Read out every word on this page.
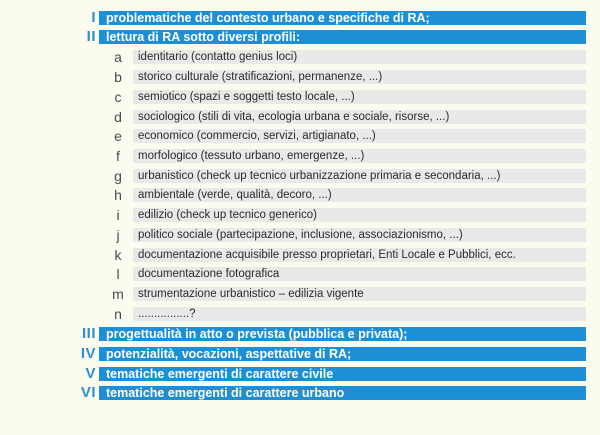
I problematiche del contesto urbano e specifiche di RA;
II lettura di RA sotto diversi profili:
a	identitario (contatto genius loci)
b	storico culturale (stratificazioni, permanenze, ...)
c	semiotico (spazi e soggetti testo locale, ...)
d	sociologico (stili di vita, ecologia urbana e sociale, risorse, ...)
e	economico (commercio, servizi, artigianato, ...)
f	morfologico (tessuto urbano, emergenze, ...)
g	urbanistico (check up tecnico urbanizzazione primaria e secondaria, ...)
h	ambientale (verde, qualità, decoro, ...)
i	edilizio (check up tecnico generico)
j	politico sociale (partecipazione, inclusione, associazionismo, ...)
k	documentazione acquisibile presso proprietari, Enti Locale e Pubblici, ecc.
l	documentazione fotografica
m	strumentazione urbanistico – edilizia vigente
n	................?
III progettualità in atto o prevista (pubblica e privata);
IV potenzialità, vocazioni, aspettative di RA;
V tematiche emergenti di carattere civile
VI tematiche emergenti di carattere urbano
